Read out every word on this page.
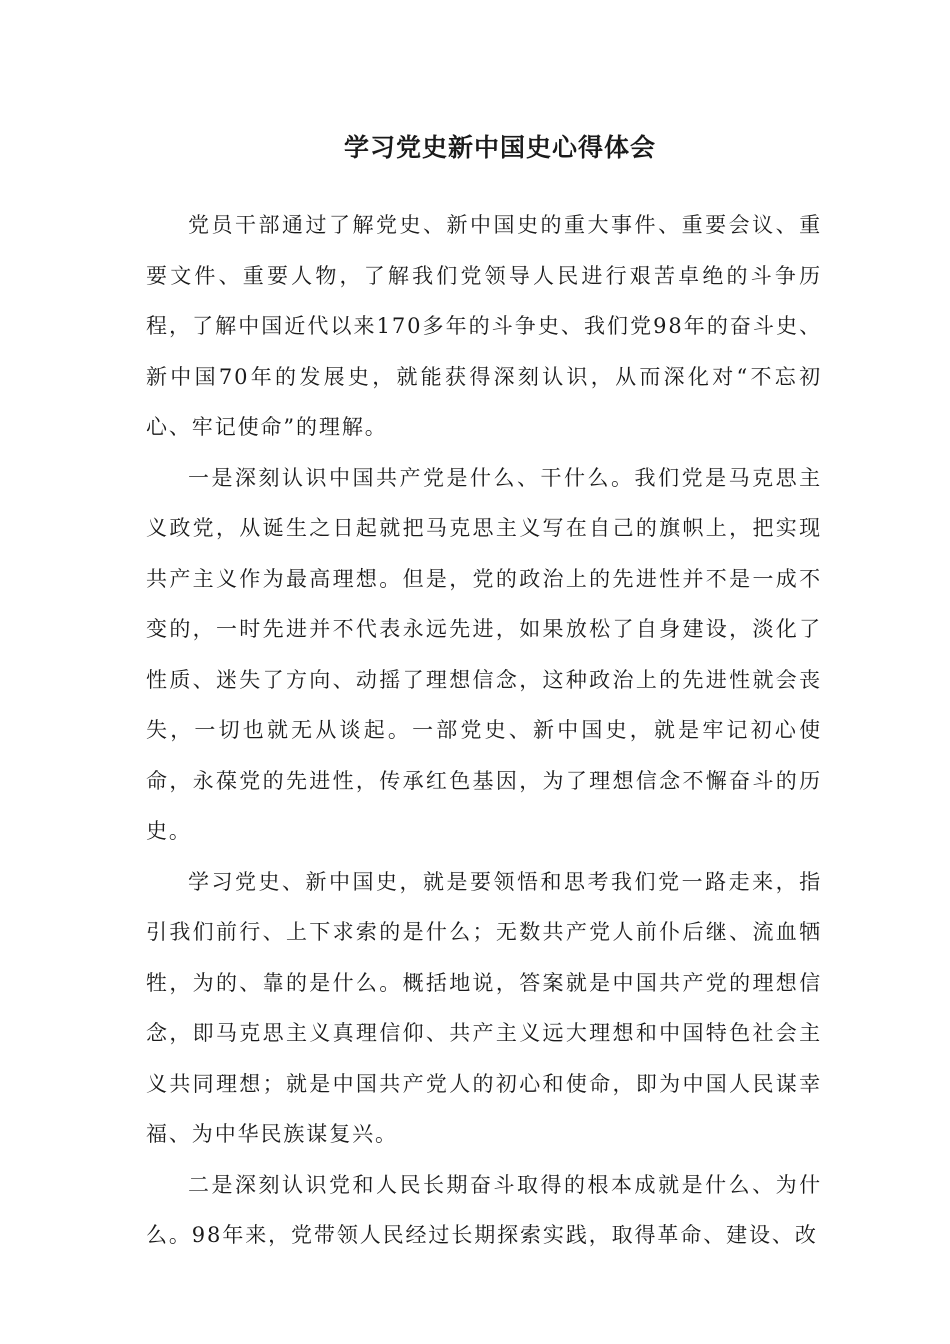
学习党史新中国史心得体会

党员干部通过了解党史、新中国史的重大事件、重要会议、重要文件、重要人物，了解我们党领导人民进行艰苦卓绝的斗争历程，了解中国近代以来170多年的斗争史、我们党98年的奋斗史、新中国70年的发展史，就能获得深刻认识，从而深化对“不忘初心、牢记使命”的理解。

一是深刻认识中国共产党是什么、干什么。我们党是马克思主义政党，从诞生之日起就把马克思主义写在自己的旗帜上，把实现共产主义作为最高理想。但是，党的政治上的先进性并不是一成不变的，一时先进并不代表永远先进，如果放松了自身建设，淡化了性质、迷失了方向、动摇了理想信念，这种政治上的先进性就会丧失，一切也就无从谈起。一部党史、新中国史，就是牢记初心使命，永葆党的先进性，传承红色基因，为了理想信念不懈奋斗的历史。

学习党史、新中国史，就是要领悟和思考我们党一路走来，指引我们前行、上下求索的是什么；无数共产党人前仆后继、流血牺牲，为的、靠的是什么。概括地说，答案就是中国共产党的理想信念，即马克思主义真理信仰、共产主义远大理想和中国特色社会主义共同理想；就是中国共产党人的初心和使命，即为中国人民谋幸福、为中华民族谋复兴。

二是深刻认识党和人民长期奋斗取得的根本成就是什么、为什么。98年来，党带领人民经过长期探索实践，取得革命、建设、改
